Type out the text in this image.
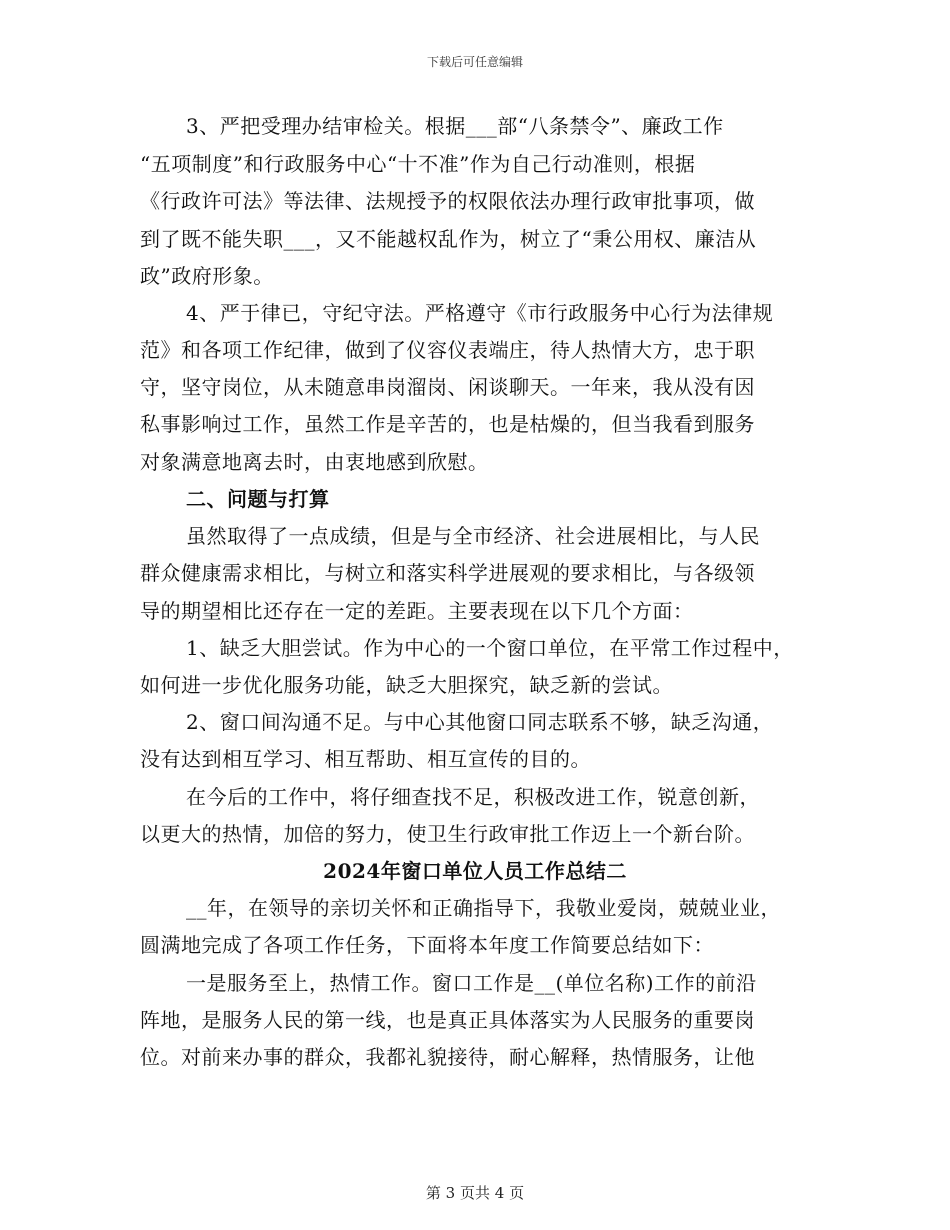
下载后可任意编辑
3、严把受理办结审检关。根据___部“八条禁令”、廉政工作
“五项制度”和行政服务中心“十不准”作为自己行动准则，根据
《行政许可法》等法律、法规授予的权限依法办理行政审批事项，做
到了既不能失职___，又不能越权乱作为，树立了“秉公用权、廉洁从
政”政府形象。
4、严于律已，守纪守法。严格遵守《市行政服务中心行为法律规
范》和各项工作纪律，做到了仪容仪表端庄，待人热情大方，忠于职
守，坚守岗位，从未随意串岗溜岗、闲谈聊天。一年来，我从没有因
私事影响过工作，虽然工作是辛苦的，也是枯燥的，但当我看到服务
对象满意地离去时，由衷地感到欣慰。
二、问题与打算
虽然取得了一点成绩，但是与全市经济、社会进展相比，与人民
群众健康需求相比，与树立和落实科学进展观的要求相比，与各级领
导的期望相比还存在一定的差距。主要表现在以下几个方面：
1、缺乏大胆尝试。作为中心的一个窗口单位，在平常工作过程中，
如何进一步优化服务功能，缺乏大胆探究，缺乏新的尝试。
2、窗口间沟通不足。与中心其他窗口同志联系不够，缺乏沟通，
没有达到相互学习、相互帮助、相互宣传的目的。
在今后的工作中，将仔细查找不足，积极改进工作，锐意创新，
以更大的热情，加倍的努力，使卫生行政审批工作迈上一个新台阶。
2024年窗口单位人员工作总结二
__年，在领导的亲切关怀和正确指导下，我敬业爱岗，兢兢业业，
圆满地完成了各项工作任务，下面将本年度工作简要总结如下：
一是服务至上，热情工作。窗口工作是__(单位名称)工作的前沿
阵地，是服务人民的第一线，也是真正具体落实为人民服务的重要岗
位。对前来办事的群众，我都礼貌接待，耐心解释，热情服务，让他
第 3 页共 4 页
